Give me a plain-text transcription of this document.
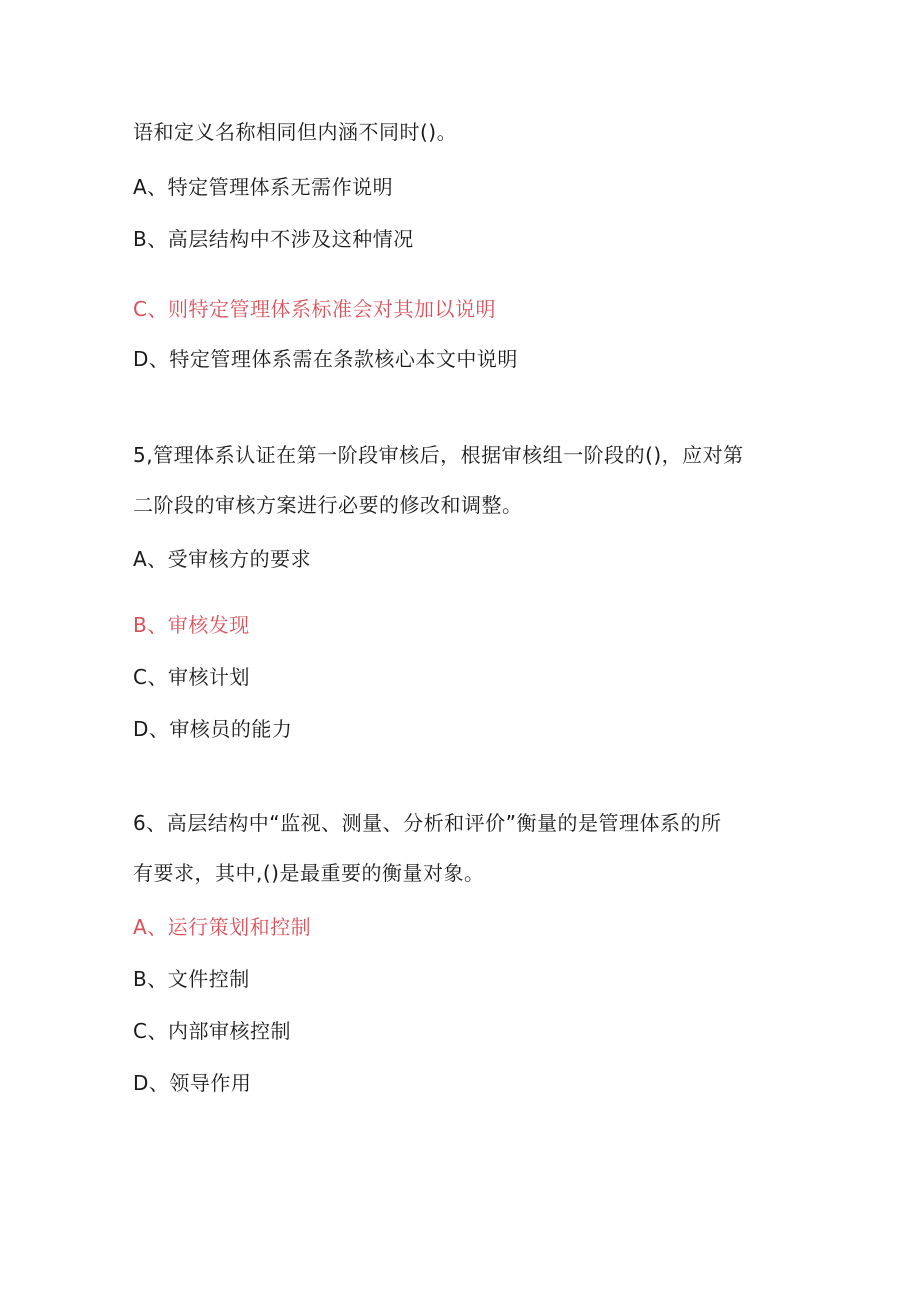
语和定义名称相同但内涵不同时()。
A、特定管理体系无需作说明
B、高层结构中不涉及这种情况
C、则特定管理体系标准会对其加以说明
D、特定管理体系需在条款核心本文中说明
5,管理体系认证在第一阶段审核后，根据审核组一阶段的()，应对第
二阶段的审核方案进行必要的修改和调整。
A、受审核方的要求
B、审核发现
C、审核计划
D、审核员的能力
6、高层结构中“监视、测量、分析和评价”衡量的是管理体系的所
有要求，其中,()是最重要的衡量对象。
A、运行策划和控制
B、文件控制
C、内部审核控制
D、领导作用
